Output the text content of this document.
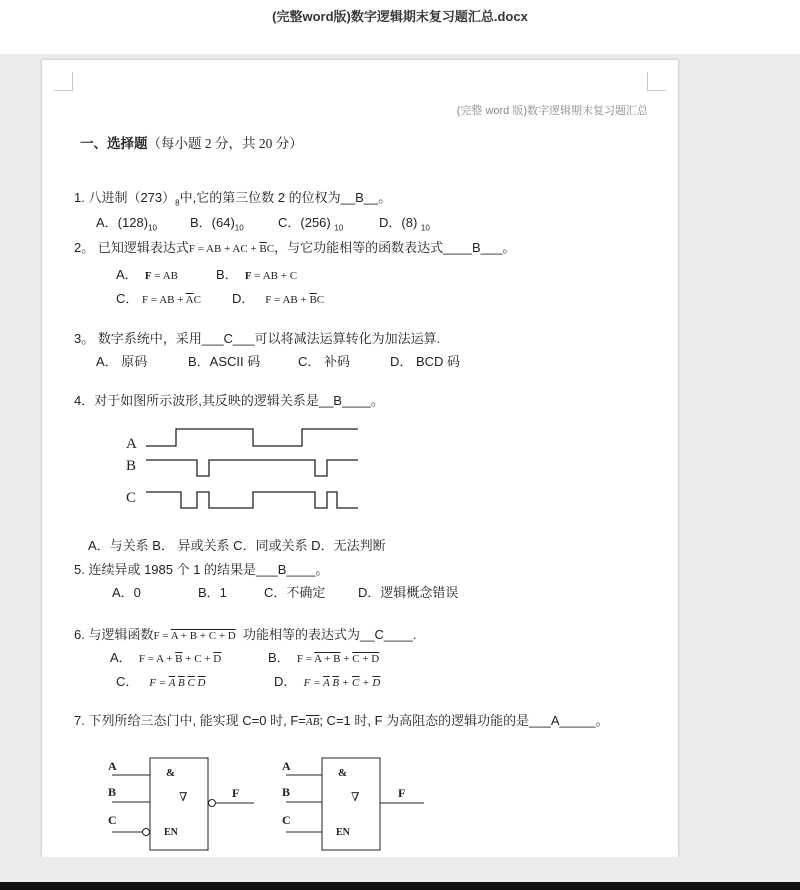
(完整word版)数字逻辑期末复习题汇总.docx
(完整 word 版)数字逻辑期末复习题汇总
一、选择题（每小题 2 分，共 20 分）
1. 八进制$(273)_8$中,它的第三位数 2 的位权为__B__。
A．$(128)_{10}$	B．$(64)_{10}$	C．(256) $_{10}$	D．(8) $_{10}$
2。 已知逻辑表达式F = AB + AC + $\overline{B}C$，与它功能相等的函数表达式____B___。
A． F = AB	B． F = AB + C
C． F = AB + $\overline{A}C$ D． F = AB + $\overline{B}C$
3。 数字系统中，采用___C___可以将减法运算转化为加法运算.
A． 原码	B．ASCII 码	C． 补码	D． BCD 码
4．对于如图所示波形,其反映的逻辑关系是__B____。
A
B
C
A．与关系 B． 异或关系 C．同或关系 D．无法判断
5. 连续异或 1985 个 1 的结果是___B____。
A．0	B．1	C．不确定	D．逻辑概念错误
6. 与逻辑函数F = A + B + C + D 功能相等的表达式为__C____.
A． $F = A + \overline{B} + C + \overline{D}$	B． F = A + B + C + D
C． $F = \overline{A}$ $\overline{B}$ $\overline{C}$ $\overline{D}$	D． $F = \overline{A}$ $\overline{B} + \overline{C} + \overline{D}$
7. 下列所给三态门中, 能实现 C=0 时, $F=\overline{AB}$; C=1 时, F 为高阻态的逻辑功能的是___A_____。
A
B
C
&
∇
EN
F
A
B
C
&
∇
EN
F
